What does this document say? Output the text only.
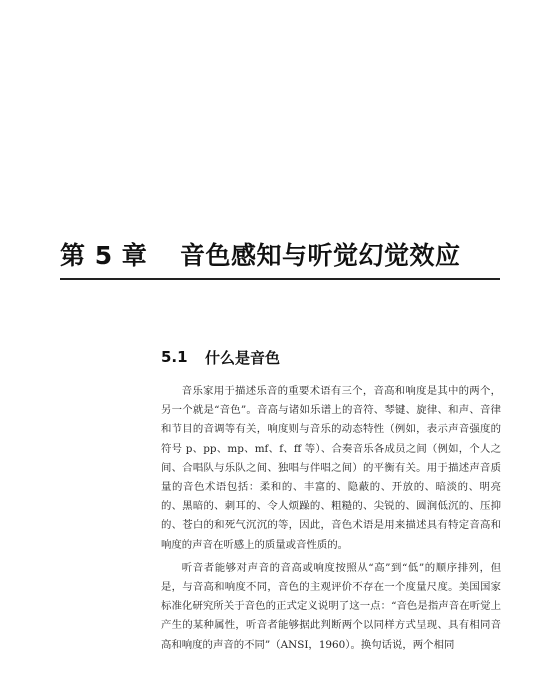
第 5 章	音色感知与听觉幻觉效应
5.1	什么是音色

音乐家用于描述乐音的重要术语有三个，音高和响度是其中的两个，另一个就是“音色”。音高与诸如乐谱上的音符、琴键、旋律、和声、音律和节目的音调等有关，响度则与音乐的动态特性（例如，表示声音强度的符号 p、pp、mp、mf、f、ff 等）、合奏音乐各成员之间（例如，个人之间、合唱队与乐队之间、独唱与伴唱之间）的平衡有关。用于描述声音质量的音色术语包括：柔和的、丰富的、隐蔽的、开放的、暗淡的、明亮的、黑暗的、刺耳的、令人烦躁的、粗糙的、尖锐的、圆润低沉的、压抑的、苍白的和死气沉沉的等，因此，音色术语是用来描述具有特定音高和响度的声音在听感上的质量或音性质的。

听音者能够对声音的音高或响度按照从“高”到“低”的顺序排列，但是，与音高和响度不同，音色的主观评价不存在一个度量尺度。美国国家标准化研究所关于音色的正式定义说明了这一点：“音色是指声音在听觉上产生的某种属性，听音者能够据此判断两个以同样方式呈现、具有相同音高和响度的声音的不同”（ANSI，1960）。换句话说，两个相同
